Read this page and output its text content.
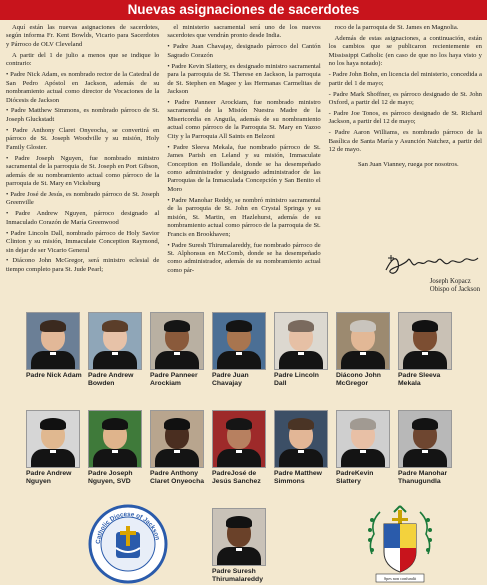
Nuevas asignaciones de sacerdotes

Aquí están las nuevas asignaciones de sacerdotes, según informa Fr. Kent Bowlds, Vicario para Sacerdotes y Párroco de OLV Cleveland

A partir del 1 de julio a menos que se indique lo contrario:

• Padre Nick Adam, es nombrado rector de la Catedral de San Pedro Apóstol en Jackson, además de su nombramiento actual como director de Vocaciones de la Diócesis de Jackson

• Padre Matthew Simmons, es nombrado párroco de St. Joseph Gluckstadt

• Padre Anthony Claret Onyeocha, se convertirá en párroco de St. Joseph Woodville y su misión, Holy Family Gloster.

• Padre Joseph Nguyen, fue nombrado ministro sacramental de la parroquia de St. Joseph en Port Gibson, además de su nombramiento actual como párroco de la parroquia de St. Mary en Vicksburg

• Padre José de Jesús, es nombrado párroco de St. Joseph Greenville

• Padre Andrew Nguyen, párroco designado al Inmaculado Corazón de María Greenwood

• Padre Lincoln Dall, nombrado párroco de Holy Savior Clinton y su misión, Immaculate Conception Raymond, sin dejar de ser Vicario General

• Diácono John McGregor, será ministro eclesial de tiempo completo para St. Jude Pearl;

el ministerio sacramental será uno de los nuevos sacerdotes que vendrán pronto desde India.

• Padre Juan Chavajay, designado párroco del Cantón Sagrado Corazón

• Padre Kevin Slattery, es designado ministro sacramental para la parroquia de St. Therese en Jackson, la parroquia de St. Stephen en Magee y las Hermanas Carmelitas de Jackson

• Padre Panneer Arockiam, fue nombrado ministro sacramental de la Misión Nuestra Madre de la Misericordia en Anguila, además de su nombramiento actual como párroco de la Parroquia St. Mary en Yazoo City y la Parroquia All Saints en Belzoni

• Padre Sleeva Mekala, fue nombrado párroco de St. James Parish en Leland y su misión, Immaculate Conception en Hollandale, donde se ha desempeñado como administrador y designado administrador de las Parroquias de la Inmaculada Concepción y San Benito el Moro

• Padre Manohar Reddy, se nombró ministro sacramental de la parroquia de St. John en Crystal Springs y su misión, St. Martin, en Hazlehurst, además de su nombramiento actual como párroco de la parroquia de St. Francis en Brookhaven;

• Padre Suresh Thirumalareddy, fue nombrado párroco de St. Alphonsus en McComb, donde se ha desempeñado como administrador, además de su nombramiento actual como pár-

roco de la parroquia de St. James en Magnolia.

Además de estas asignaciones, a continuación, están los cambios que se publicaron recientemente en Mississippi Catholic (en caso de que no los haya visto y no los haya notado):

- Padre John Bohn, en licencia del ministerio, concedida a partir del 1 de mayo;

- Padre Mark Shoffner, es párroco designado de St. John Oxford, a partir del 12 de mayo;

- Padre Joe Tonos, es párroco designado de St. Richard Jackson, a partir del 12 de mayo;

- Padre Aaron Williams, es nombrado párroco de la Basílica de Santa María y Asunción Natchez, a partir del 12 de mayo.

San Juan Vianney, ruega por nosotros.

Joseph Kopacz
Obispo of Jackson
Padre Nick Adam Padre Andrew Bowden
Padre Panneer Arockiam
Padre Juan Chavajay
Padre Lincoln Dall
Diácono John McGregor
Padre Sleeva Mekala
Padre Andrew Nguyen
Padre Joseph Nguyen, SVD
Padre Anthony Claret Onyeocha
PadreJosé de Jesús Sanchez
Padre Matthew Simmons
PadreKevin Slattery
Padre Manohar Thanugundla
Padre Suresh Thirumalareddy
Catholic Diocese of Jackson
Spes non confundit
